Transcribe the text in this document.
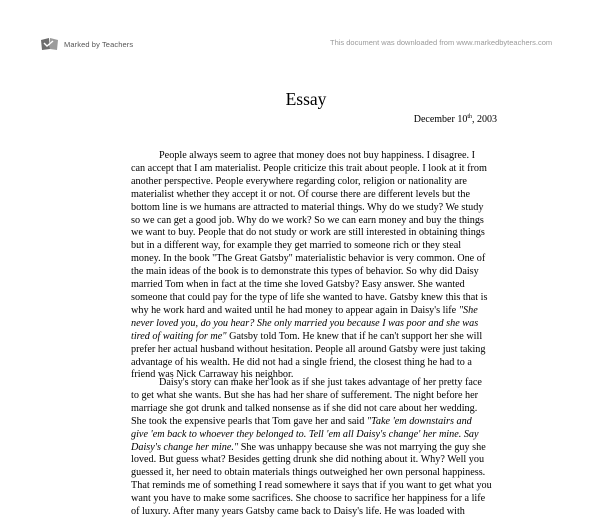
Marked by Teachers	This document was downloaded from www.markedbyteachers.com
Essay
December 10th, 2003
People always seem to agree that money does not buy happiness. I disagree. I
can accept that I am materialist. People criticize this trait about people. I look at it from
another perspective. People everywhere regarding color, religion or nationality are
materialist whether they accept it or not. Of course there are different levels but the
bottom line is we humans are attracted to material things. Why do we study? We study
so we can get a good job. Why do we work? So we can earn money and buy the things
we want to buy. People that do not study or work are still interested in obtaining things
but in a different way, for example they get married to someone rich or they steal
money. In the book "The Great Gatsby" materialistic behavior is very common. One of
the main ideas of the book is to demonstrate this types of behavior. So why did Daisy
married Tom when in fact at the time she loved Gatsby? Easy answer. She wanted
someone that could pay for the type of life she wanted to have. Gatsby knew this that is
why he work hard and waited until he had money to appear again in Daisy's life "She
never loved you, do you hear? She only married you because I was poor and she was
tired of waiting for me" Gatsby told Tom. He knew that if he can't support her she will
prefer her actual husband without hesitation. People all around Gatsby were just taking
advantage of his wealth. He did not had a single friend, the closest thing he had to a
friend was Nick Carraway his neighbor.
Daisy's story can make her look as if she just takes advantage of her pretty face
to get what she wants. But she has had her share of sufferement. The night before her
marriage she got drunk and talked nonsense as if she did not care about her wedding.
She took the expensive pearls that Tom gave her and said "Take 'em downstairs and
give 'em back to whoever they belonged to. Tell 'em all Daisy's change' her mine. Say
Daisy's change her mine." She was unhappy because she was not marrying the guy she
loved. But guess what? Besides getting drunk she did nothing about it. Why? Well you
guessed it, her need to obtain materials things outweighed her own personal happiness.
That reminds me of something I read somewhere it says that if you want to get what you
want you have to make some sacrifices. She choose to sacrifice her happiness for a life
of luxury. After many years Gatsby came back to Daisy's life. He was loaded with
